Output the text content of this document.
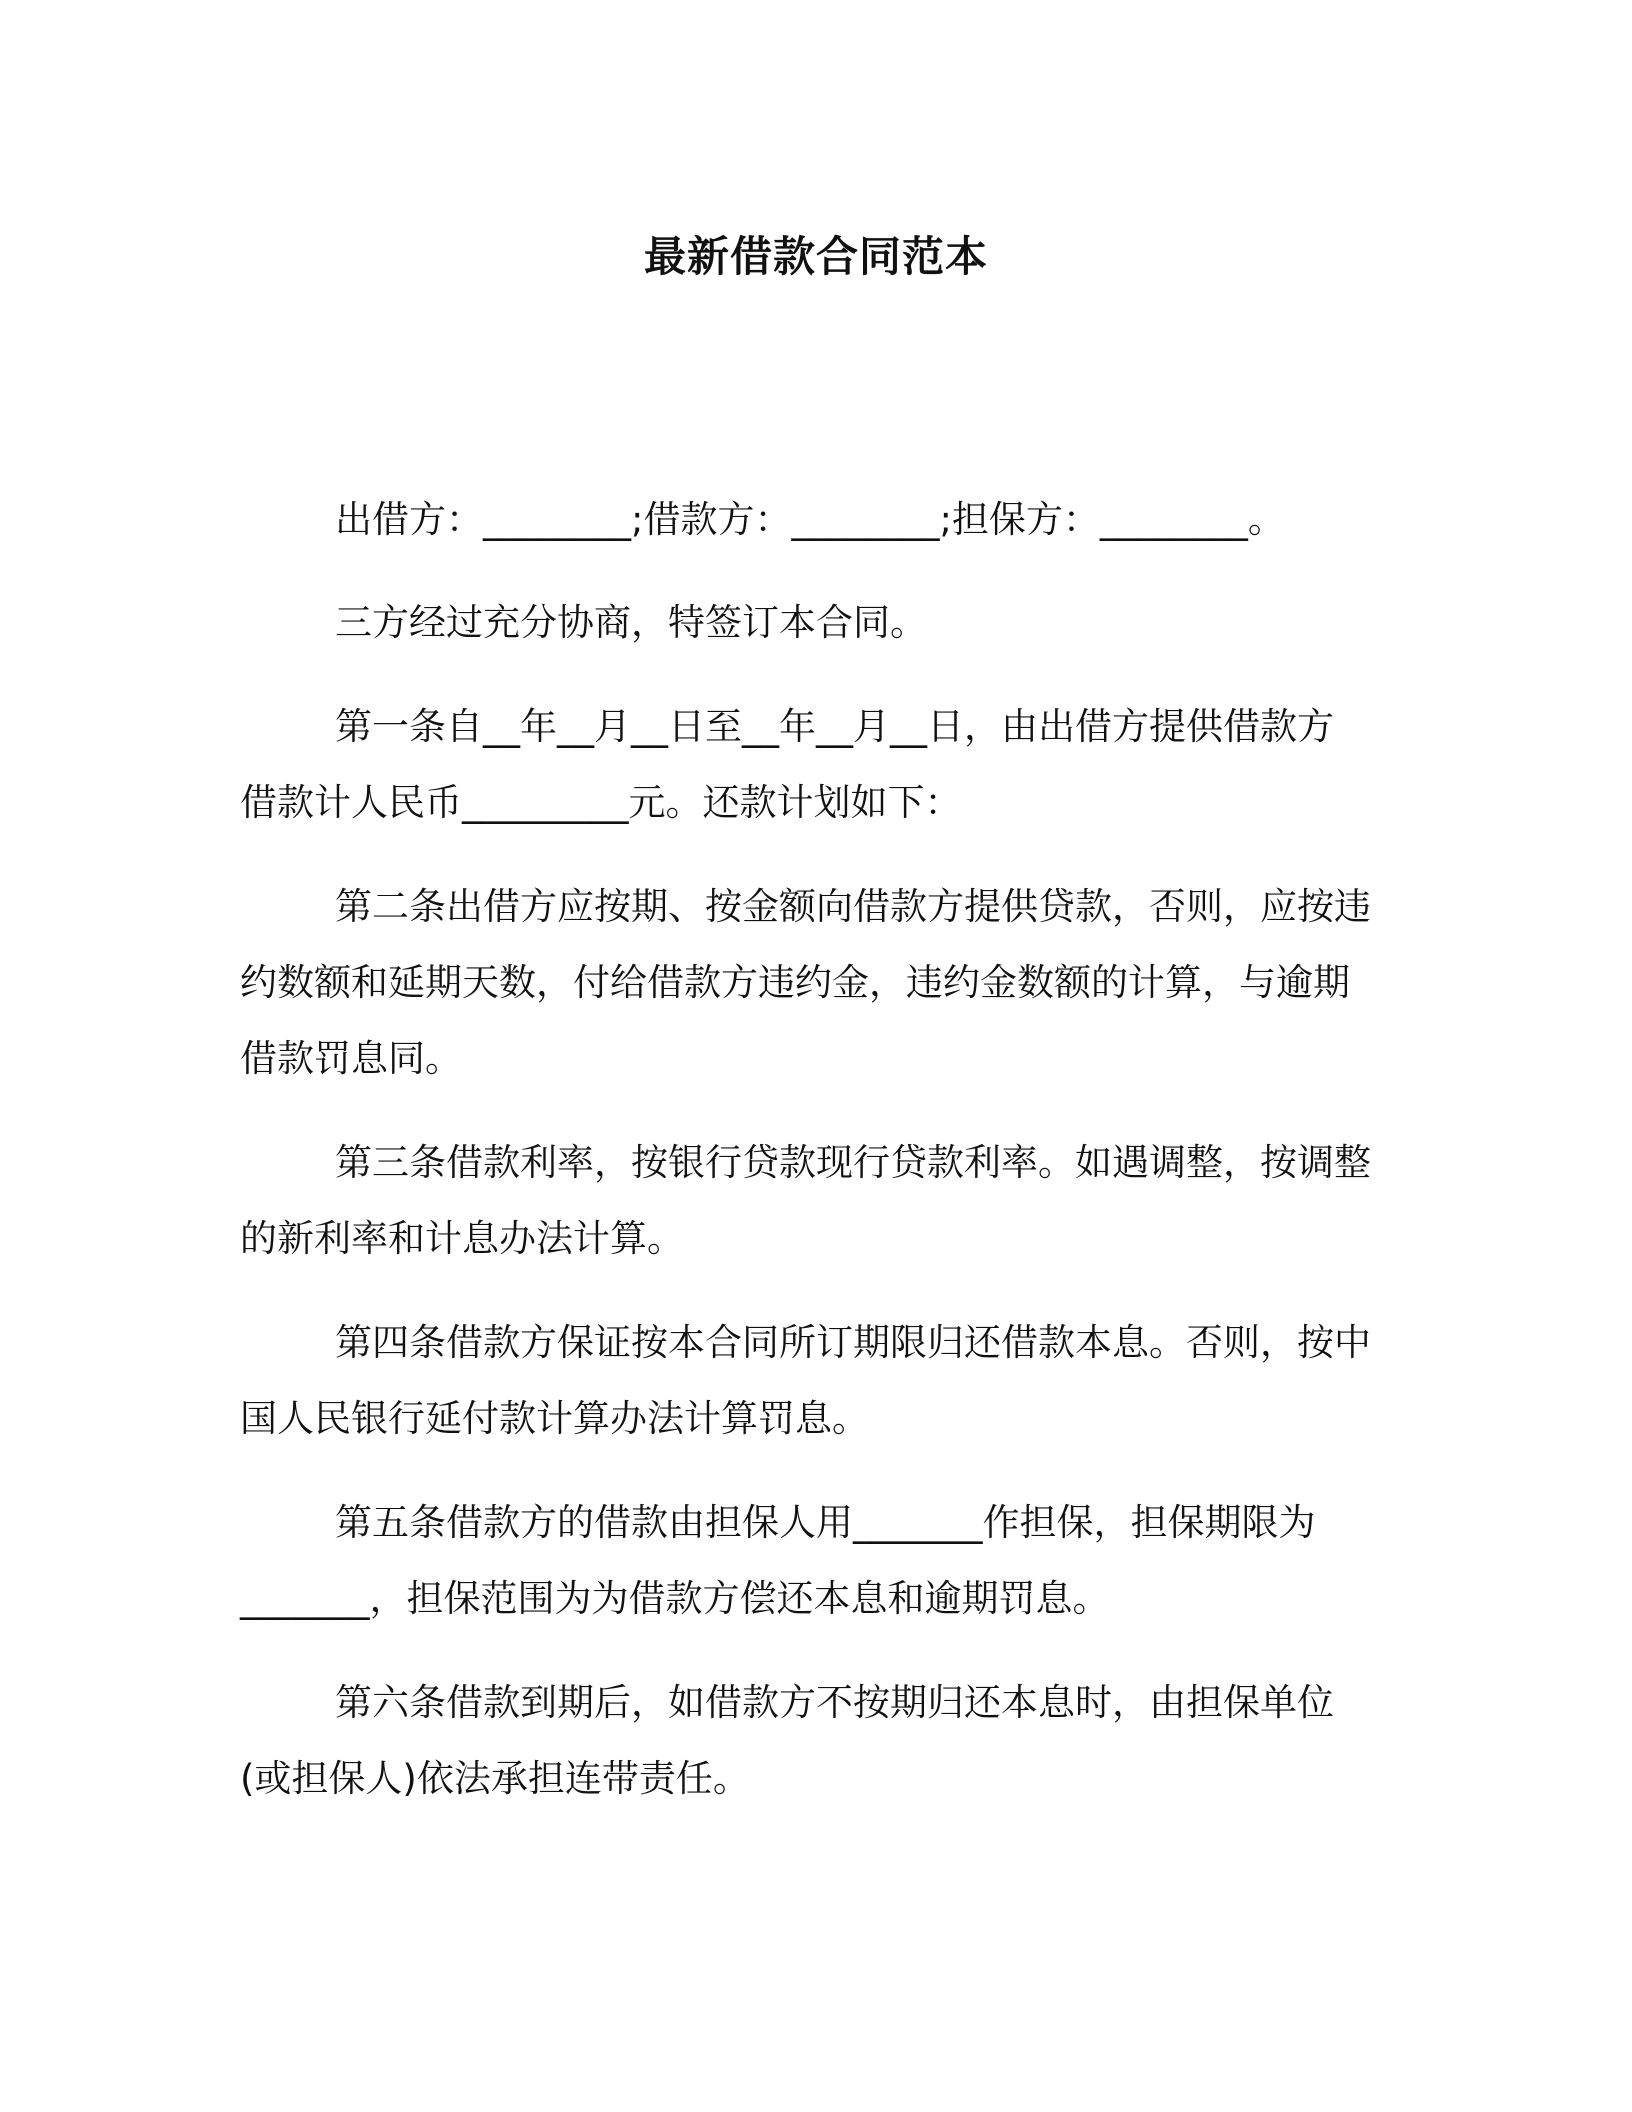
最新借款合同范本
出借方：________;借款方：________;担保方：________。
三方经过充分协商，特签订本合同。
第一条自__年__月__日至__年__月__日，由出借方提供借款方
借款计人民币_________元。还款计划如下：
第二条出借方应按期、按金额向借款方提供贷款，否则，应按违
约数额和延期天数，付给借款方违约金，违约金数额的计算，与逾期
借款罚息同。
第三条借款利率，按银行贷款现行贷款利率。如遇调整，按调整
的新利率和计息办法计算。
第四条借款方保证按本合同所订期限归还借款本息。否则，按中
国人民银行延付款计算办法计算罚息。
第五条借款方的借款由担保人用_______作担保，担保期限为
_______，担保范围为为借款方偿还本息和逾期罚息。
第六条借款到期后，如借款方不按期归还本息时，由担保单位
(或担保人)依法承担连带责任。
